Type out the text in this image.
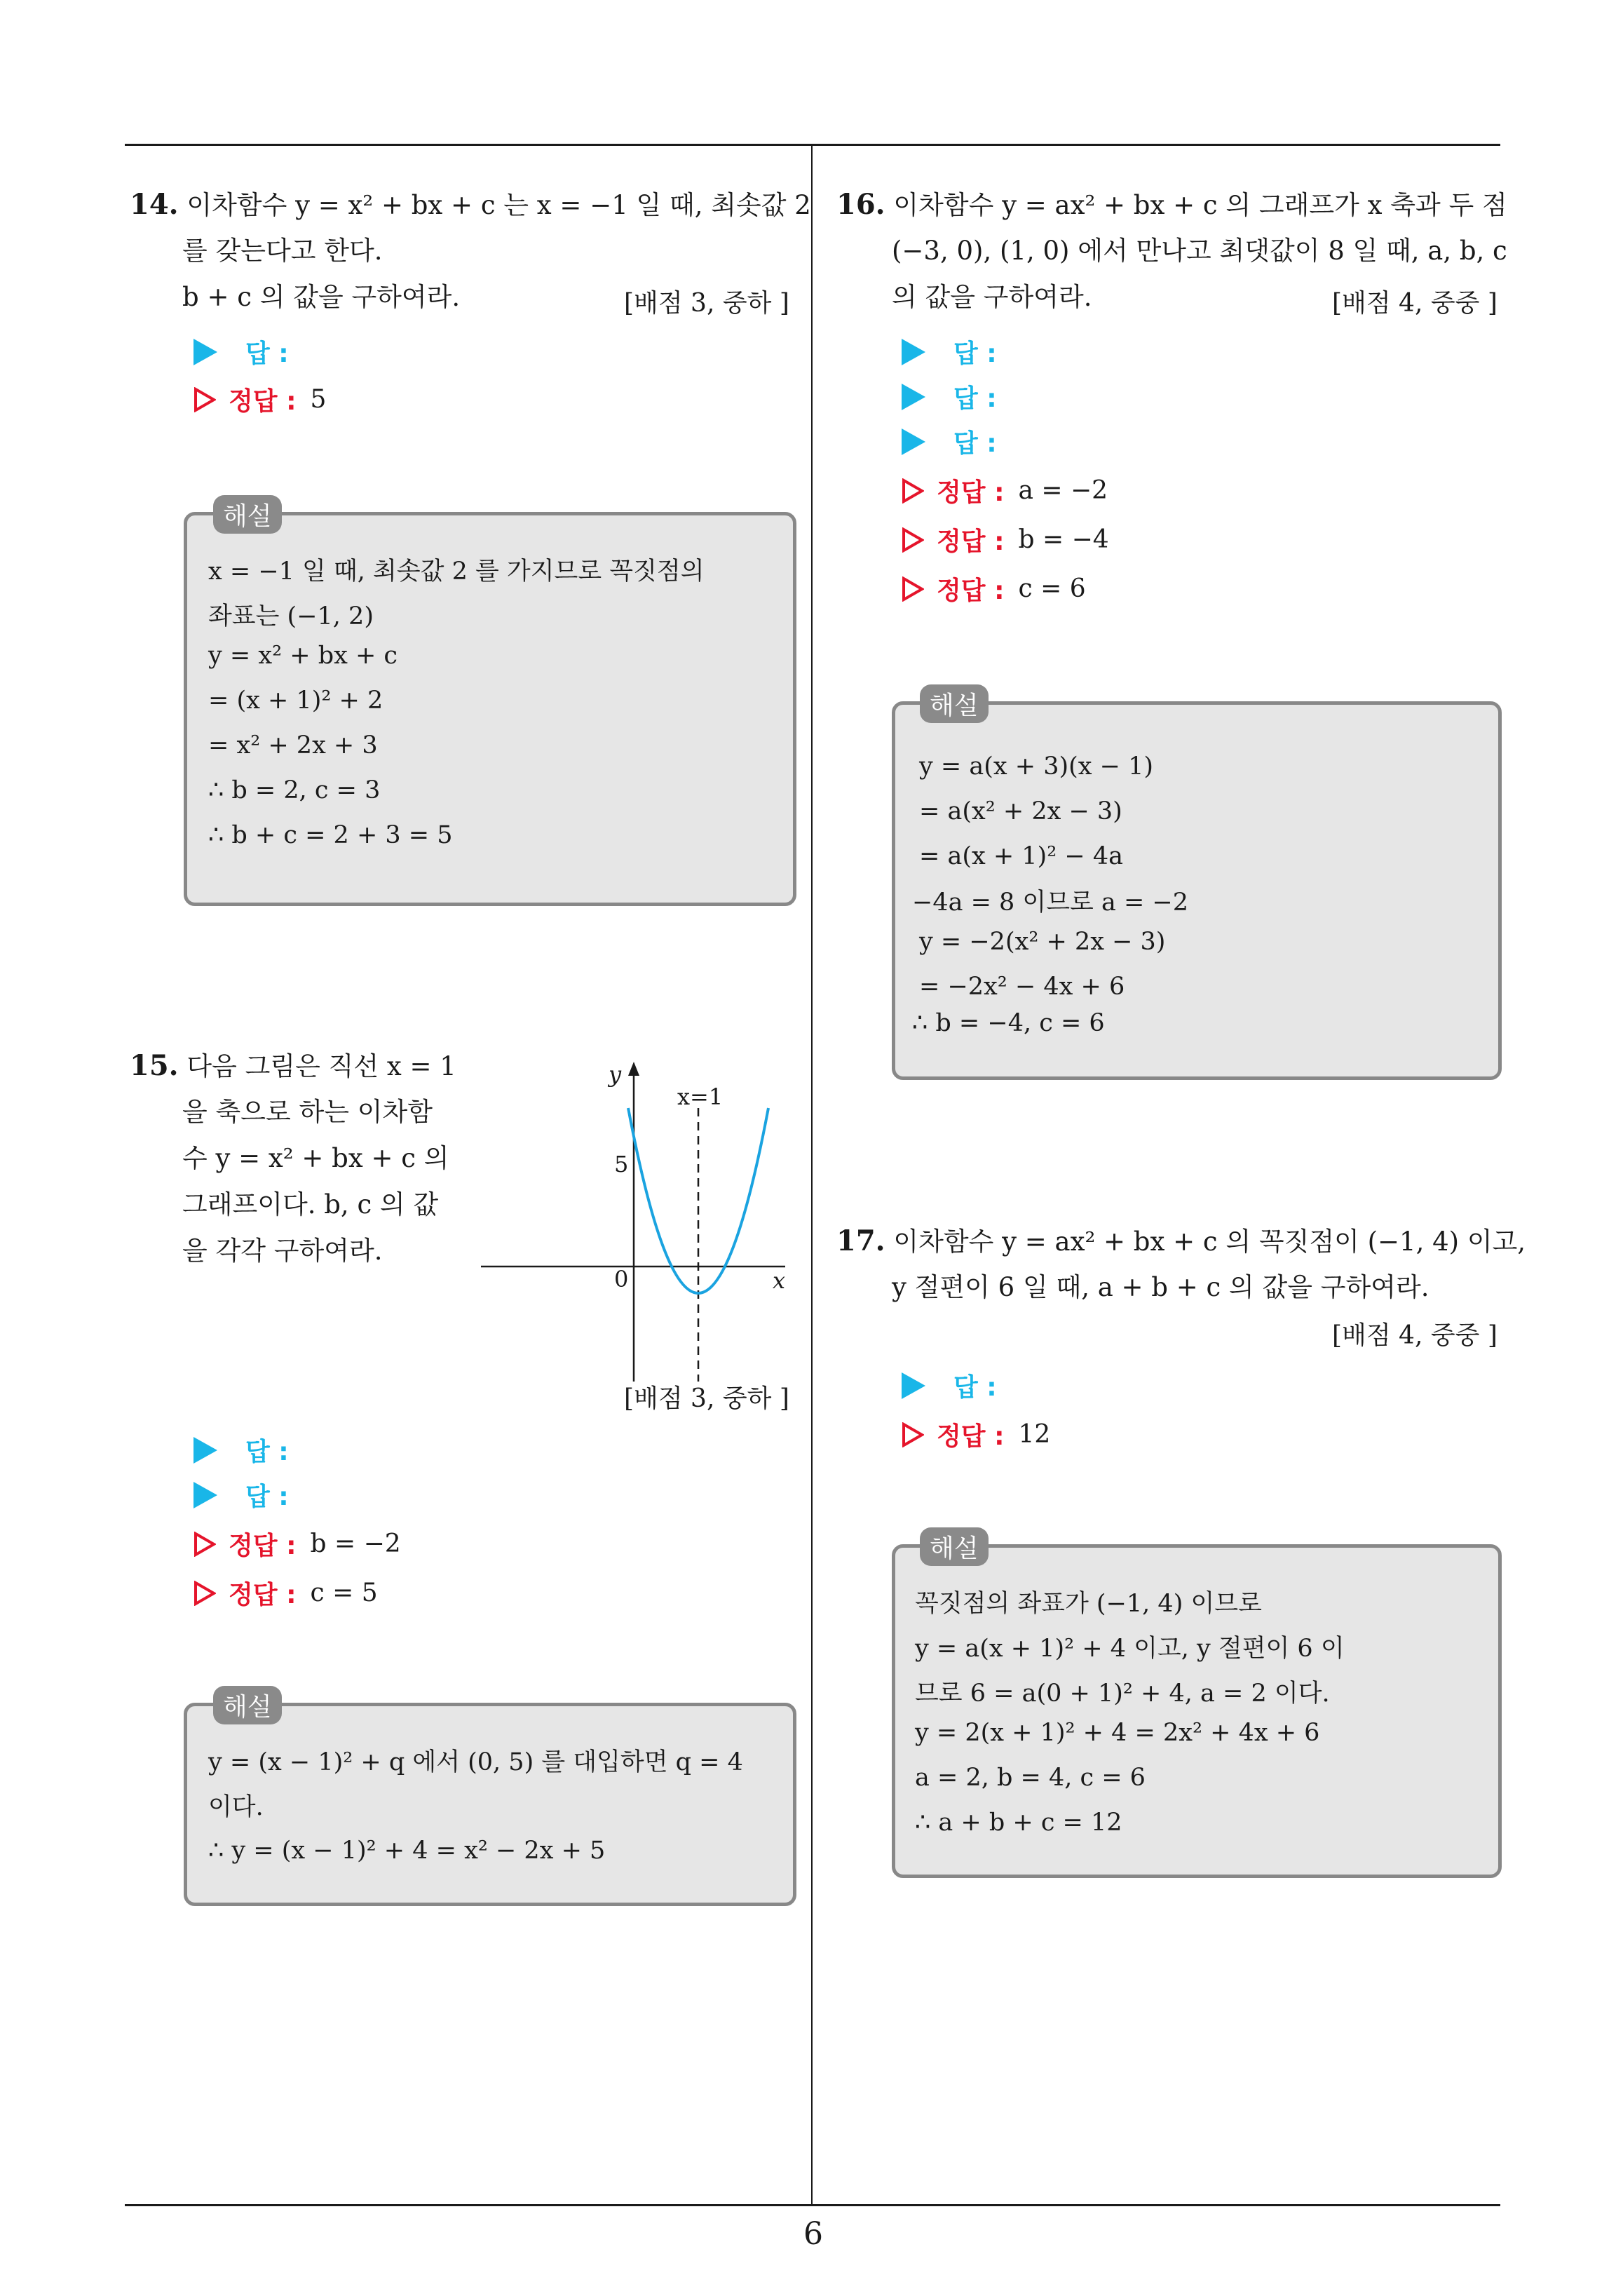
6
14. 이차함수 y = x² + bx + c 는 x = −1 일 때, 최솟값 2
를 갖는다고 한다.
b + c 의 값을 구하여라.	[배점 3, 중하 ]
답 :
정답 : 5
x = −1 일 때, 최솟값 2 를 가지므로 꼭짓점의
좌표는 (−1, 2)
y = x² + bx + c
= (x + 1)² + 2
= x² + 2x + 3
∴ b = 2, c = 3
∴ b + c = 2 + 3 = 5
해설
15. 다음 그림은 직선 x = 1
을 축으로 하는 이차함
수 y = x² + bx + c 의
그래프이다. b, c 의 값
을 각각 구하여라.
y
x=1
5
0	x
[배점 3, 중하 ]
답 :
답 :
정답 : b = −2
정답 : c = 5
y = (x − 1)² + q 에서 (0, 5) 를 대입하면 q = 4
이다.
∴ y = (x − 1)² + 4 = x² − 2x + 5
해설
16. 이차함수 y = ax² + bx + c 의 그래프가 x 축과 두 점
(−3, 0), (1, 0) 에서 만나고 최댓값이 8 일 때, a, b, c
의 값을 구하여라.	[배점 4, 중중 ]
답 :
답 :
답 :
정답 : a = −2
정답 : b = −4
정답 : c = 6
y = a(x + 3)(x − 1)
= a(x² + 2x − 3)
= a(x + 1)² − 4a
−4a = 8 이므로 a = −2
y = −2(x² + 2x − 3)
= −2x² − 4x + 6
∴ b = −4, c = 6
해설
17. 이차함수 y = ax² + bx + c 의 꼭짓점이 (−1, 4) 이고,
y 절편이 6 일 때, a + b + c 의 값을 구하여라.
[배점 4, 중중 ]
답 :
정답 : 12
꼭짓점의 좌표가 (−1, 4) 이므로
y = a(x + 1)² + 4 이고, y 절편이 6 이
므로 6 = a(0 + 1)² + 4, a = 2 이다.
y = 2(x + 1)² + 4 = 2x² + 4x + 6
a = 2, b = 4, c = 6
∴ a + b + c = 12
해설
